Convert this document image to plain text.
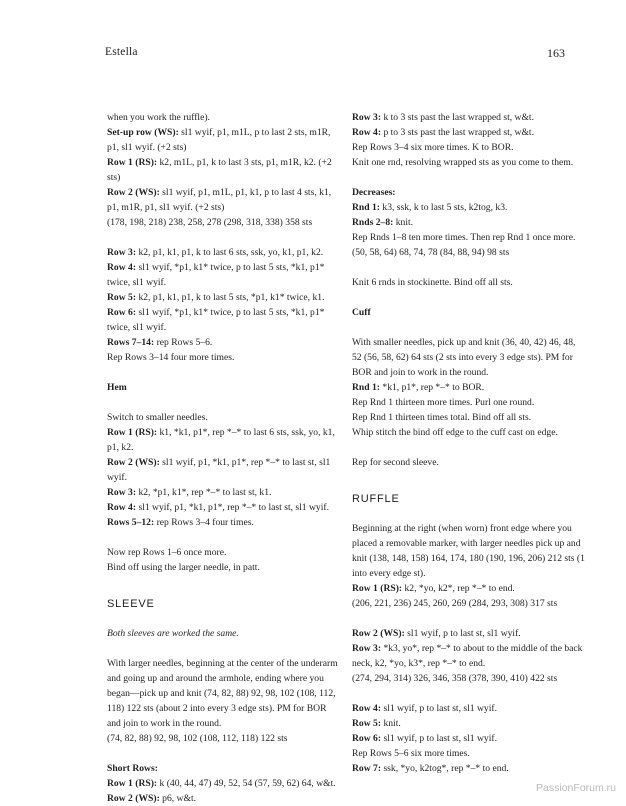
Estella	163

when you work the ruffle).

Set-up row (WS): sl1 wyif, p1, m1L, p to last 2 sts, m1R, p1, sl1 wyif. (+2 sts)

Row 1 (RS): k2, m1L, p1, k to last 3 sts, p1, m1R, k2. (+2 sts)

Row 2 (WS): sl1 wyif, p1, m1L, p1, k1, p to last 4 sts, k1, p1, m1R, p1, sl1 wyif. (+2 sts)

(178, 198, 218) 238, 258, 278 (298, 318, 338) 358 sts

Row 3: k2, p1, k1, p1, k to last 6 sts, ssk, yo, k1, p1, k2.

Row 4: sl1 wyif, *p1, k1* twice, p to last 5 sts, *k1, p1* twice, sl1 wyif.

Row 5: k2, p1, k1, p1, k to last 5 sts, *p1, k1* twice, k1.

Row 6: sl1 wyif, *p1, k1* twice, p to last 5 sts, *k1, p1* twice, sl1 wyif.

Rows 7–14: rep Rows 5–6.

Rep Rows 3–14 four more times.

Hem

Switch to smaller needles.

Row 1 (RS): k1, *k1, p1*, rep *–* to last 6 sts, ssk, yo, k1, p1, k2.

Row 2 (WS): sl1 wyif, p1, *k1, p1*, rep *–* to last st, sl1 wyif.

Row 3: k2, *p1, k1*, rep *–* to last st, k1.

Row 4: sl1 wyif, p1, *k1, p1*, rep *–* to last st, sl1 wyif.

Rows 5–12: rep Rows 3–4 four times.

Now rep Rows 1–6 once more.

Bind off using the larger needle, in patt.

SLEEVE

Both sleeves are worked the same.

With larger needles, beginning at the center of the underarm and going up and around the armhole, ending where you began—pick up and knit (74, 82, 88) 92, 98, 102 (108, 112, 118) 122 sts (about 2 into every 3 edge sts). PM for BOR and join to work in the round.

(74, 82, 88) 92, 98, 102 (108, 112, 118) 122 sts

Short Rows:

Row 1 (RS): k (40, 44, 47) 49, 52, 54 (57, 59, 62) 64, w&t.

Row 2 (WS): p6, w&t.

Row 3: k to 3 sts past the last wrapped st, w&t.

Row 4: p to 3 sts past the last wrapped st, w&t.

Rep Rows 3–4 six more times. K to BOR.

Knit one rnd, resolving wrapped sts as you come to them.

Decreases:

Rnd 1: k3, ssk, k to last 5 sts, k2tog, k3.

Rnds 2–8: knit.

Rep Rnds 1–8 ten more times. Then rep Rnd 1 once more.

(50, 58, 64) 68, 74, 78 (84, 88, 94) 98 sts

Knit 6 rnds in stockinette. Bind off all sts.

Cuff

With smaller needles, pick up and knit (36, 40, 42) 46, 48, 52 (56, 58, 62) 64 sts (2 sts into every 3 edge sts). PM for BOR and join to work in the round.

Rnd 1: *k1, p1*, rep *–* to BOR.

Rep Rnd 1 thirteen more times. Purl one round.

Rep Rnd 1 thirteen times total. Bind off all sts.

Whip stitch the bind off edge to the cuff cast on edge.

Rep for second sleeve.

RUFFLE

Beginning at the right (when worn) front edge where you placed a removable marker, with larger needles pick up and knit (138, 148, 158) 164, 174, 180 (190, 196, 206) 212 sts (1 into every edge st).

Row 1 (RS): k2, *yo, k2*, rep *–* to end.

(206, 221, 236) 245, 260, 269 (284, 293, 308) 317 sts

Row 2 (WS): sl1 wyif, p to last st, sl1 wyif.

Row 3: *k3, yo*, rep *–* to about to the middle of the back neck, k2, *yo, k3*, rep *–* to end.

(274, 294, 314) 326, 346, 358 (378, 390, 410) 422 sts

Row 4: sl1 wyif, p to last st, sl1 wyif.

Row 5: knit.

Row 6: sl1 wyif, p to last st, sl1 wyif.

Rep Rows 5–6 six more times.

Row 7: ssk, *yo, k2tog*, rep *–* to end.

PassionForum.ru
